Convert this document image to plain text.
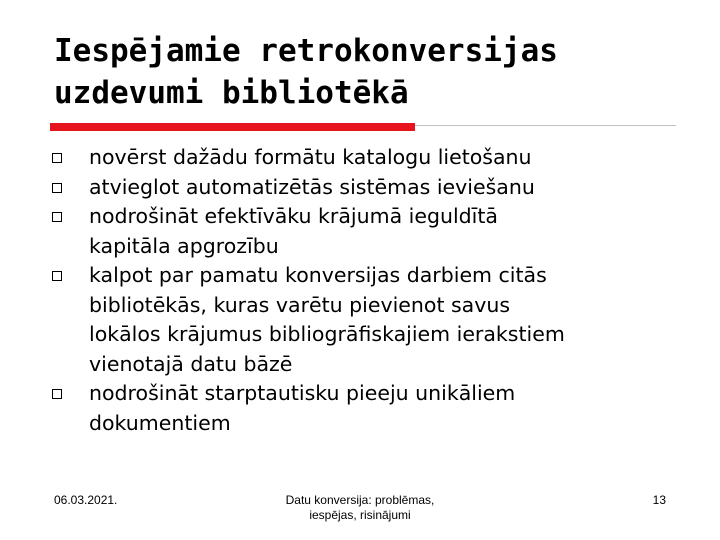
Iespējamie retrokonversijas
uzdevumi bibliotēkā
novērst dažādu formātu katalogu lietošanu
atvieglot automatizētās sistēmas ieviešanu
nodrošināt efektīvāku krājumā ieguldītā
kapitāla apgrozību
kalpot par pamatu konversijas darbiem citās
bibliotēkās, kuras varētu pievienot savus
lokālos krājumus bibliogrāfiskajiem ierakstiem
vienotajā datu bāzē
nodrošināt starptautisku pieeju unikāliem
dokumentiem
06.03.2021.	Datu konversija: problēmas,
iespējas, risinājumi
13
